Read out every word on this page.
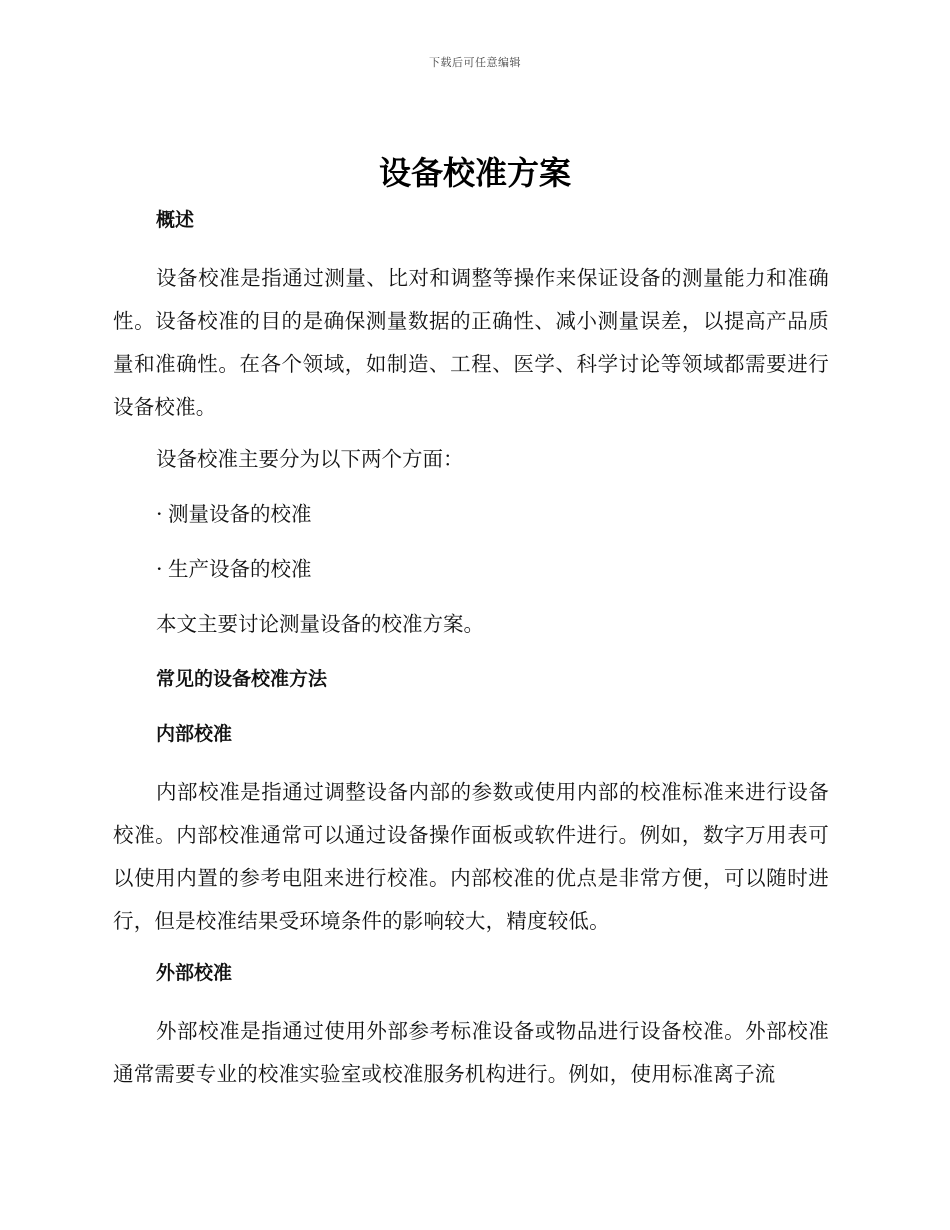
下载后可任意编辑
设备校准方案
概述

设备校准是指通过测量、比对和调整等操作来保证设备的测量能力和准确性。设备校准的目的是确保测量数据的正确性、减小测量误差，以提高产品质量和准确性。在各个领域，如制造、工程、医学、科学讨论等领域都需要进行设备校准。

设备校准主要分为以下两个方面：
· 测量设备的校准
· 生产设备的校准
本文主要讨论测量设备的校准方案。
常见的设备校准方法
内部校准

内部校准是指通过调整设备内部的参数或使用内部的校准标准来进行设备校准。内部校准通常可以通过设备操作面板或软件进行。例如，数字万用表可以使用内置的参考电阻来进行校准。内部校准的优点是非常方便，可以随时进行，但是校准结果受环境条件的影响较大，精度较低。

外部校准

外部校准是指通过使用外部参考标准设备或物品进行设备校准。外部校准通常需要专业的校准实验室或校准服务机构进行。例如，使用标准离子流
